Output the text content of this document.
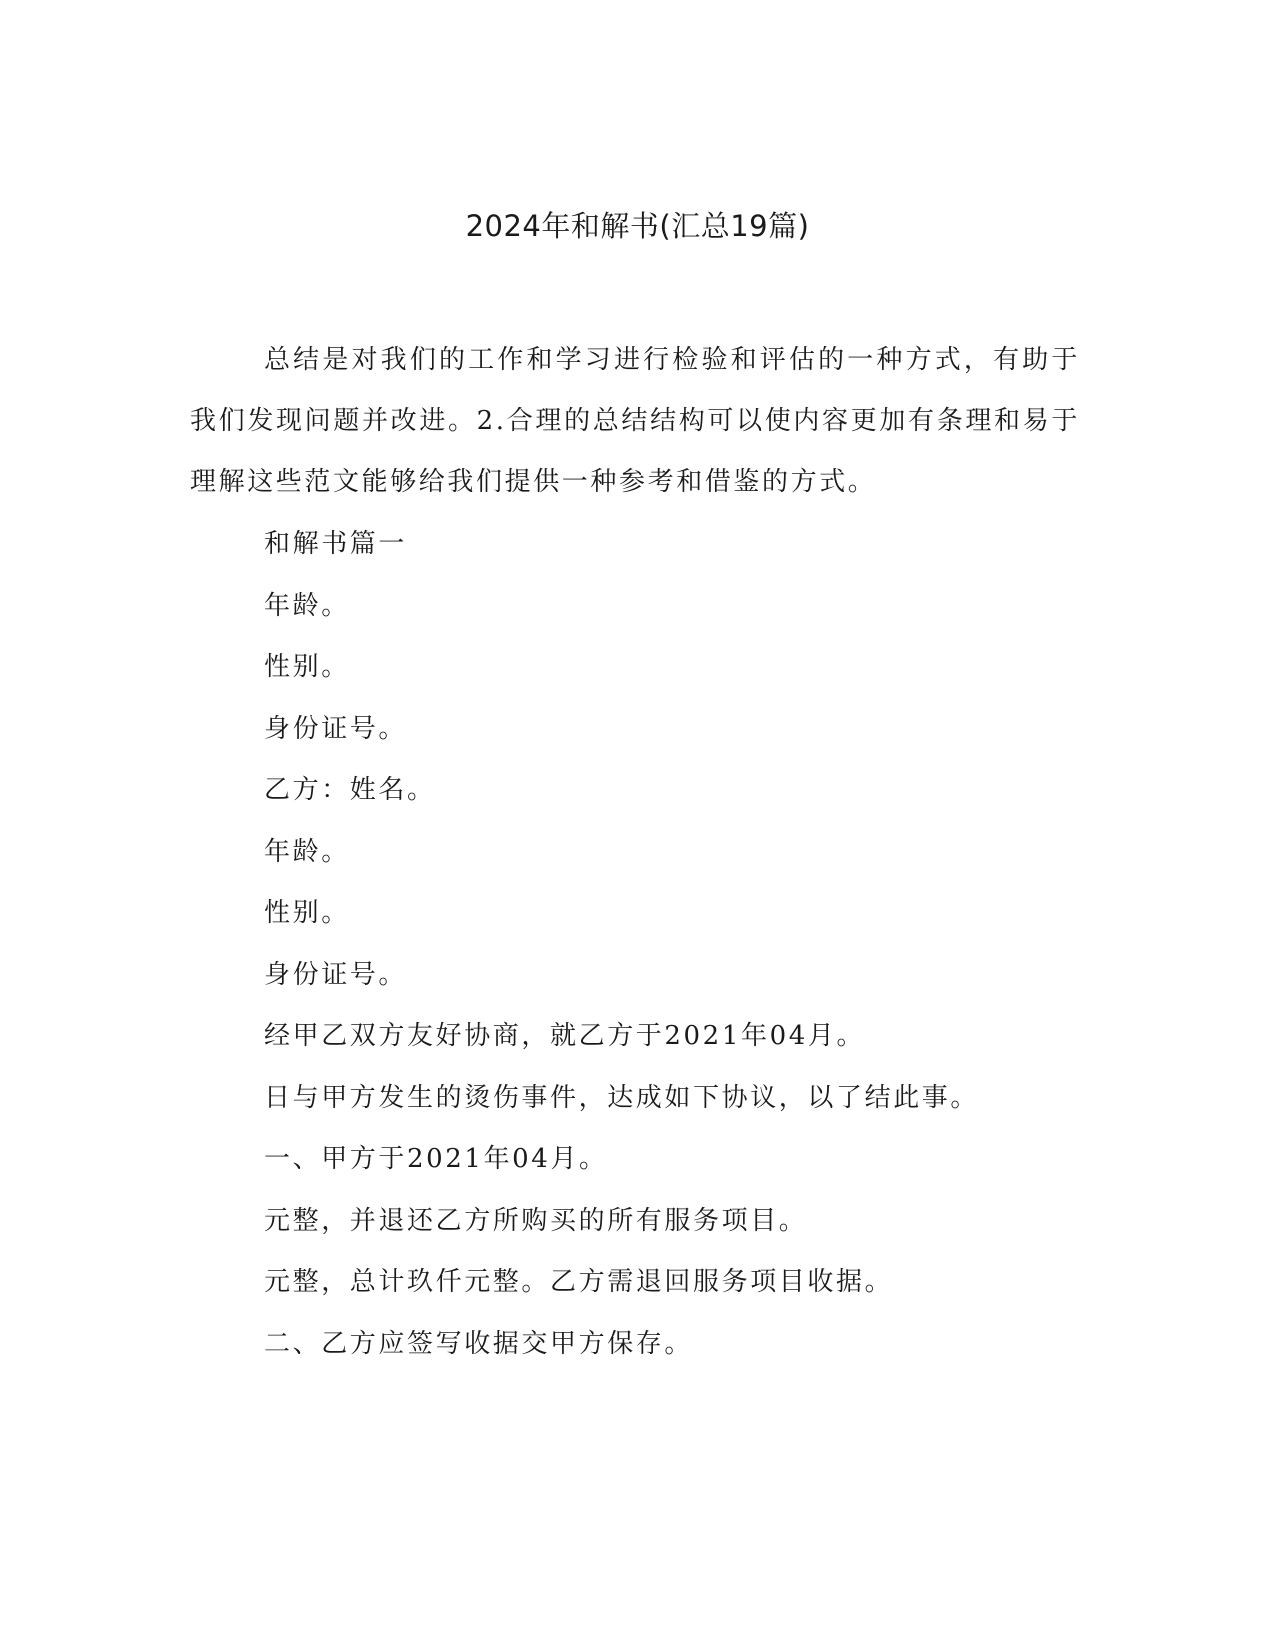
2024年和解书(汇总19篇)

总结是对我们的工作和学习进行检验和评估的一种方式，有助于我们发现问题并改进。2.合理的总结结构可以使内容更加有条理和易于理解这些范文能够给我们提供一种参考和借鉴的方式。

和解书篇一
年龄。
性别。
身份证号。
乙方：姓名。
年龄。
性别。
身份证号。
经甲乙双方友好协商，就乙方于2021年04月。
日与甲方发生的烫伤事件，达成如下协议，以了结此事。
一、甲方于2021年04月。
元整，并退还乙方所购买的所有服务项目。
元整，总计玖仟元整。乙方需退回服务项目收据。
二、乙方应签写收据交甲方保存。
